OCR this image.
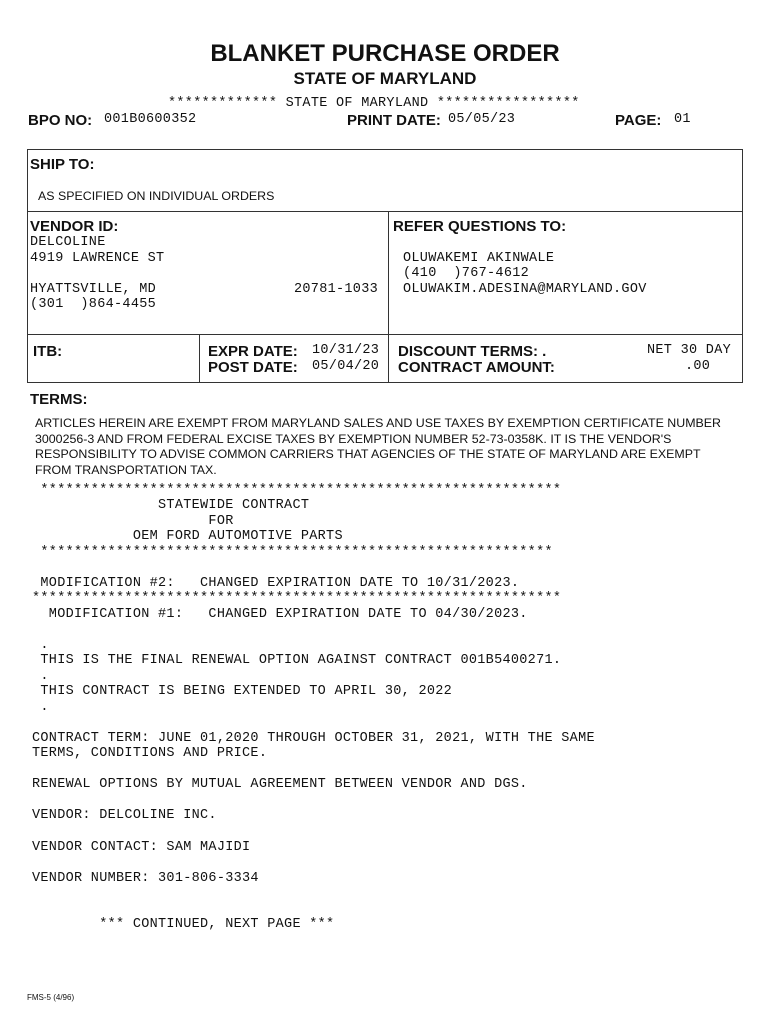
BLANKET PURCHASE ORDER
STATE OF MARYLAND
************* STATE OF MARYLAND *****************
BPO NO: 001B0600352	PRINT DATE: 05/05/23	PAGE: 01
SHIP TO:
AS SPECIFIED ON INDIVIDUAL ORDERS
VENDOR ID:
DELCOLINE
4919 LAWRENCE ST
HYATTSVILLE, MD	20781-1033
(301  )864-4455
REFER QUESTIONS TO:
OLUWAKEMI AKINWALE
(410  )767-4612
OLUWAKIM.ADESINA@MARYLAND.GOV
ITB:	EXPR DATE: 10/31/23
POST DATE: 05/04/20
DISCOUNT TERMS: .	NET 30 DAY
CONTRACT AMOUNT:	.00
TERMS:
ARTICLES HEREIN ARE EXEMPT FROM MARYLAND SALES AND USE TAXES BY EXEMPTION CERTIFICATE NUMBER 3000256-3 AND FROM FEDERAL EXCISE TAXES BY EXEMPTION NUMBER 52-73-0358K. IT IS THE VENDOR'S RESPONSIBILITY TO ADVISE COMMON CARRIERS THAT AGENCIES OF THE STATE OF MARYLAND ARE EXEMPT FROM TRANSPORTATION TAX.
**************************************************************
STATEWIDE CONTRACT
FOR
OEM FORD AUTOMOTIVE PARTS
*************************************************************
MODIFICATION #2:   CHANGED EXPIRATION DATE TO 10/31/2023.
***************************************************************
MODIFICATION #1:   CHANGED EXPIRATION DATE TO 04/30/2023.
.
THIS IS THE FINAL RENEWAL OPTION AGAINST CONTRACT 001B5400271.
.
THIS CONTRACT IS BEING EXTENDED TO APRIL 30, 2022
.
CONTRACT TERM: JUNE 01,2020 THROUGH OCTOBER 31, 2021, WITH THE SAME
TERMS, CONDITIONS AND PRICE.
RENEWAL OPTIONS BY MUTUAL AGREEMENT BETWEEN VENDOR AND DGS.
VENDOR: DELCOLINE INC.
VENDOR CONTACT: SAM MAJIDI
VENDOR NUMBER: 301-806-3334
*** CONTINUED, NEXT PAGE ***
FMS-5 (4/96)
